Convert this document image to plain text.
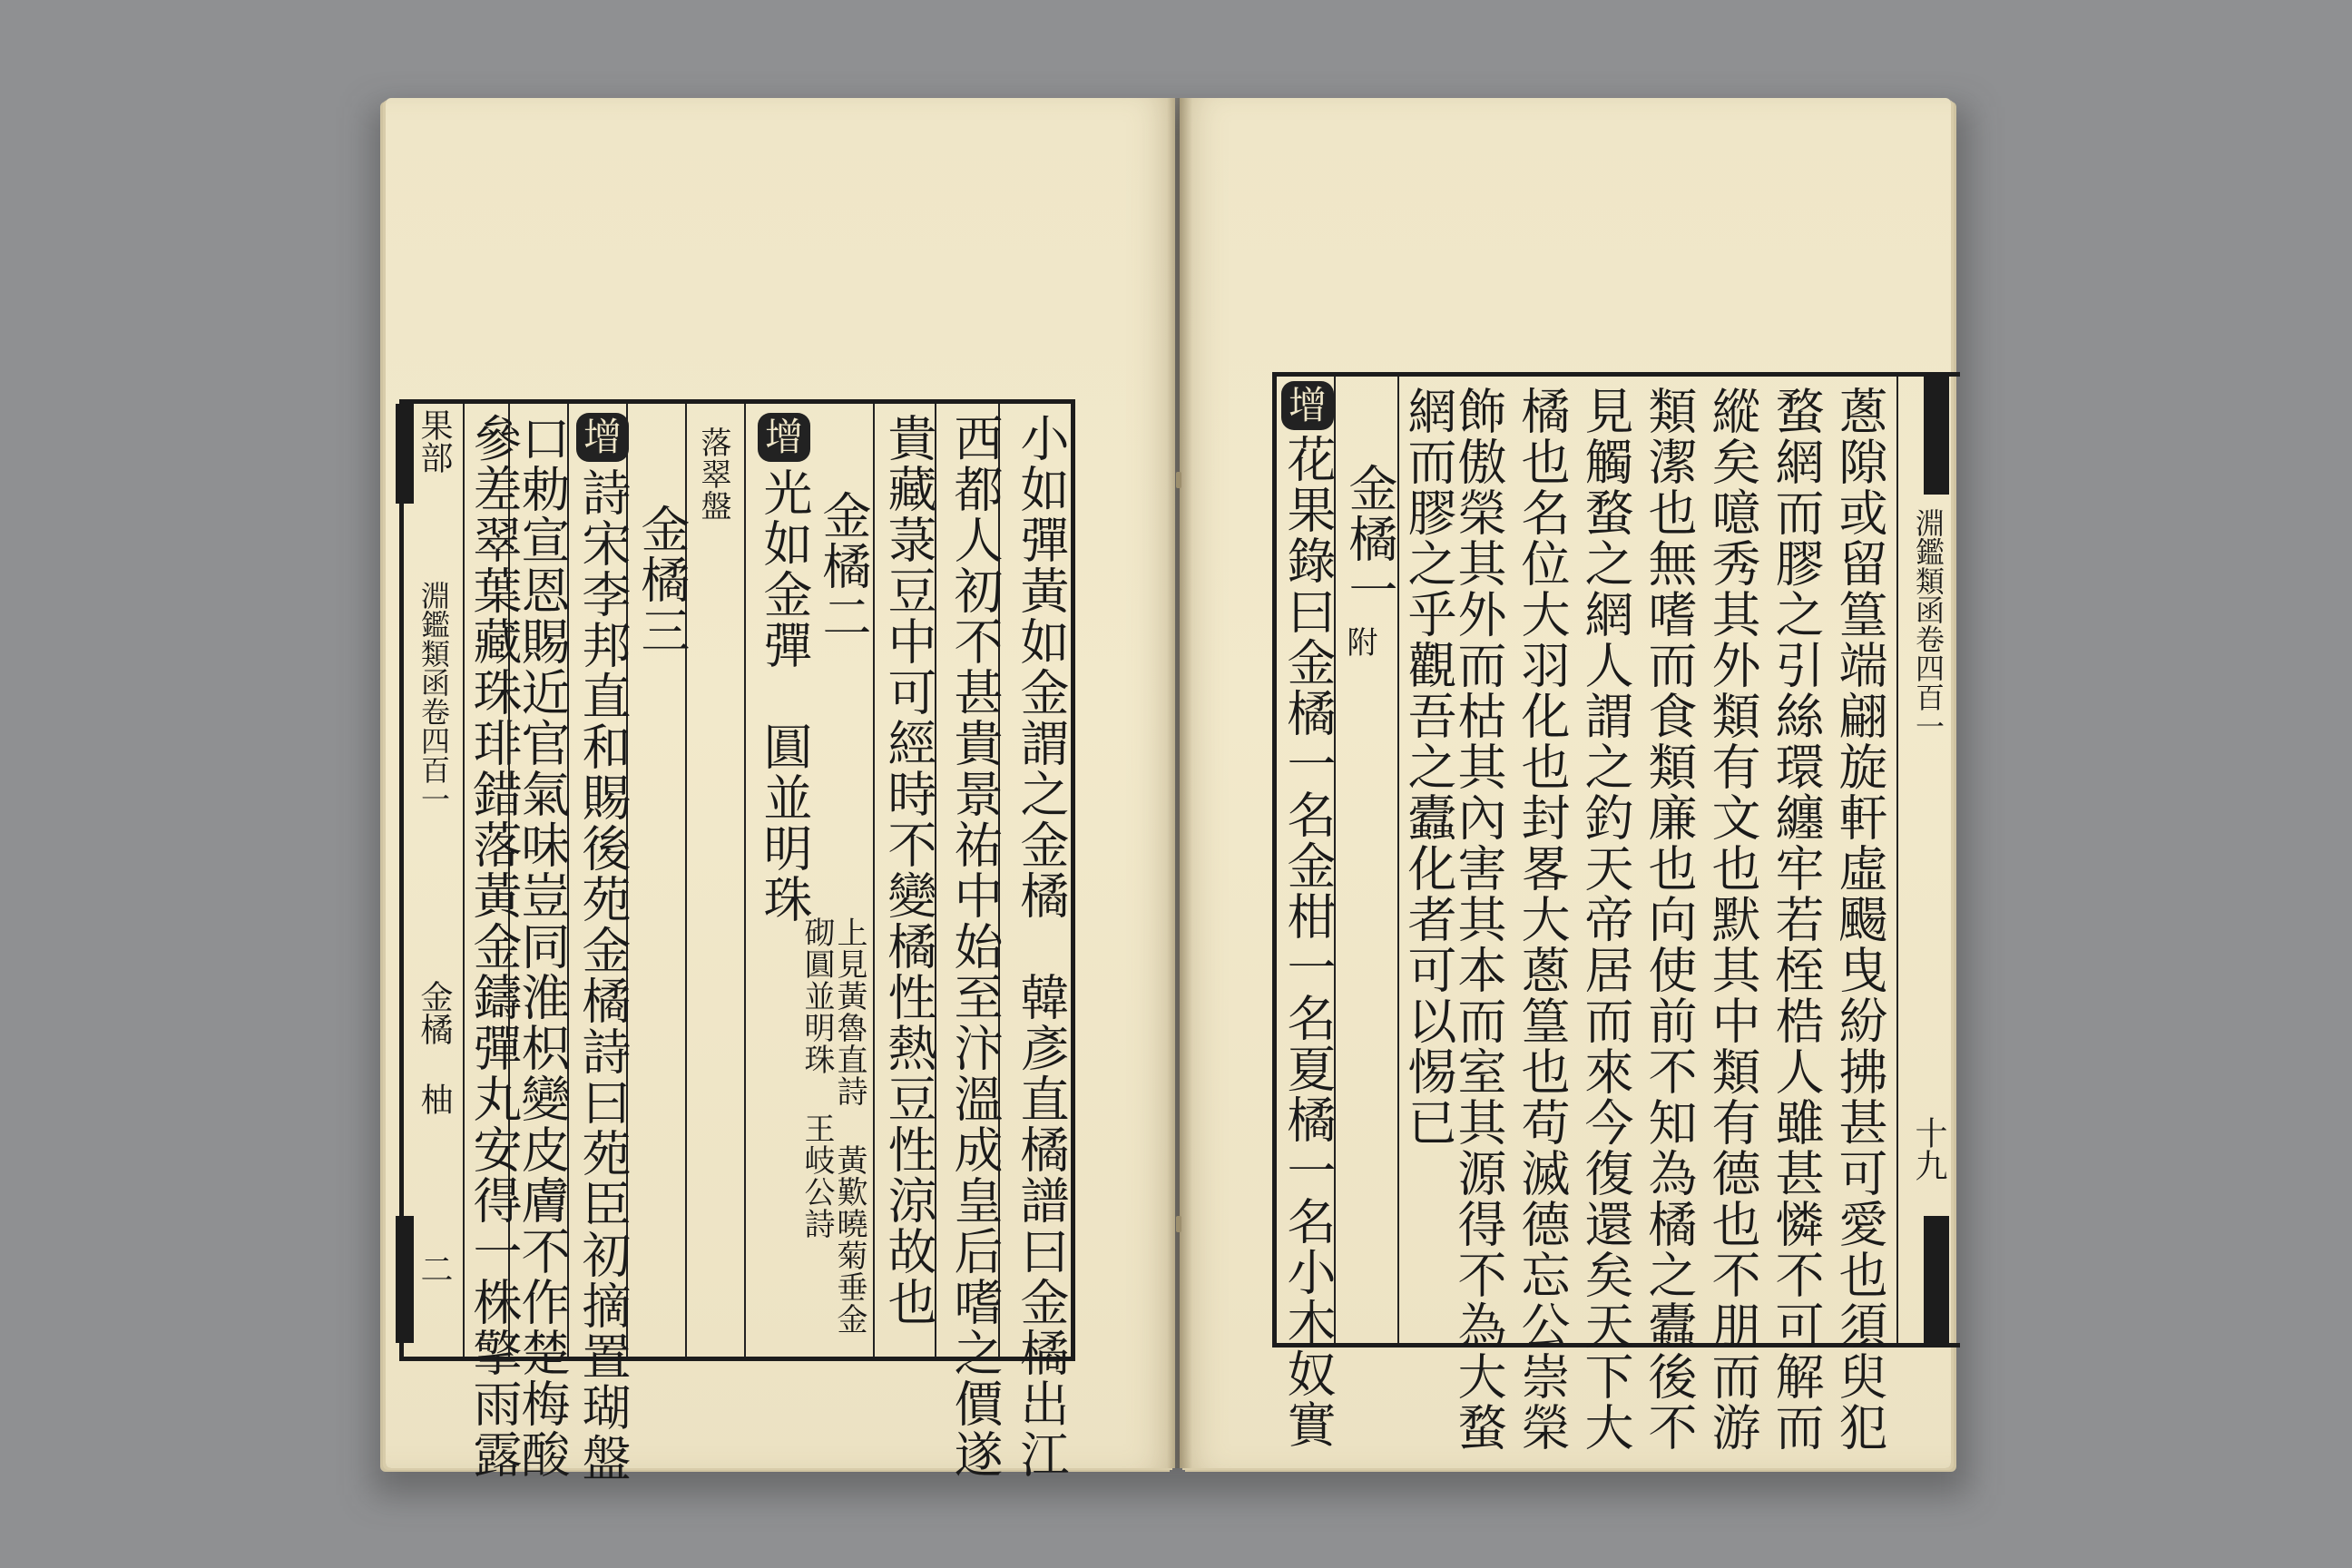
果部
淵鑑類函卷四百一
金橘 柚
二	小如彈黃如金謂之金橘　韓彥直橘譜曰金橘出江
西都人初不甚貴景祐中始至汴溫成皇后嗜之價遂
貴藏菉豆中可經時不變橘性熱豆性涼故也
金橘二
增
光如金彈　圓並明珠
落翠盤
上見黃魯直詩 黃歎曉菊垂金砌圓並明珠 王岐公詩
金橘三
增
詩宋李邦直和賜後苑金橘詩曰苑臣初摘置瑚盤
口勅宣恩賜近官氣味豈同淮枳變皮膚不作楚梅酸
參差翠葉藏珠琲錯落黃金鑄彈丸安得一株擎雨露	淵鑑類函卷四百一
十九
蔥隙或留篁端翩旋軒虛颺曳紛拂甚可愛也須臾犯
蝥網而膠之引絲環纏牢若桎梏人雖甚憐不可解而
縱矣噫秀其外類有文也默其中類有德也不朋而游
類潔也無嗜而食類廉也向使前不知為橘之蠹後不
見觸蝥之網人謂之釣天帝居而來今復還矣天下大
橘也名位大羽化也封畧大蔥篁也苟滅德忘公崇榮
飾傲榮其外而枯其內害其本而室其源得不為大蝥
網而膠之乎觀吾之蠹化者可以惕已
金橘一
附
增
花果錄曰金橘一名金柑一名夏橘一名小木奴實
